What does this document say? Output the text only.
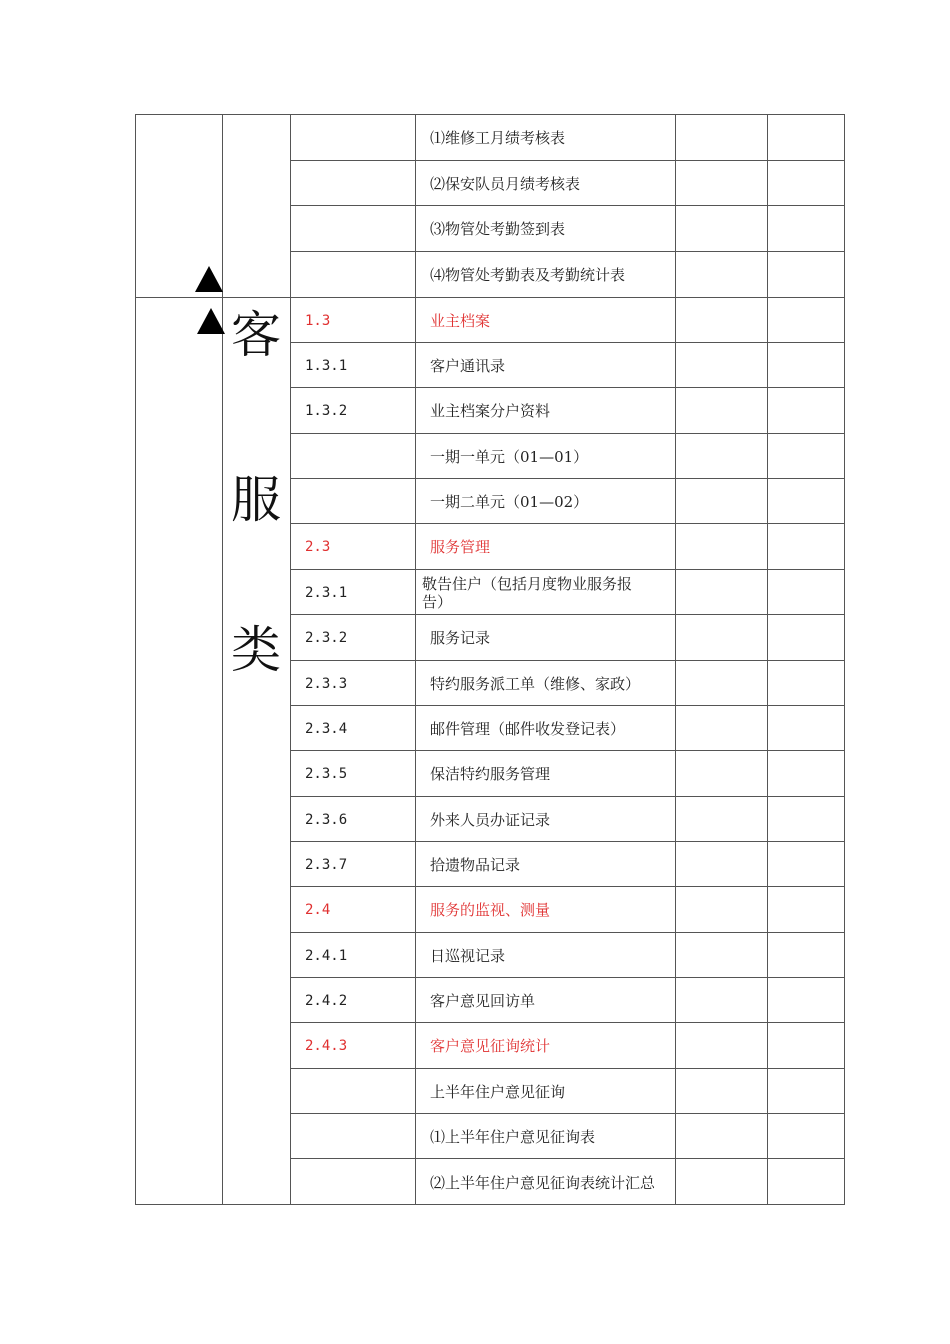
⑴维修工月绩考核表
⑵保安队员月绩考核表
⑶物管处考勤签到表
⑷物管处考勤表及考勤统计表
1.3	业主档案
1.3.1	客户通讯录
1.3.2	业主档案分户资料
一期一单元（01—01）
一期二单元（01—02）
2.3	服务管理
2.3.1	敬告住户（包括月度物业服务报告）
2.3.2	服务记录
2.3.3	特约服务派工单（维修、家政）
2.3.4	邮件管理（邮件收发登记表）
2.3.5	保洁特约服务管理
2.3.6	外来人员办证记录
2.3.7	拾遗物品记录
2.4	服务的监视、测量
2.4.1	日巡视记录
2.4.2	客户意见回访单
2.4.3	客户意见征询统计
上半年住户意见征询
⑴上半年住户意见征询表
⑵上半年住户意见征询表统计汇总
客
服
类
